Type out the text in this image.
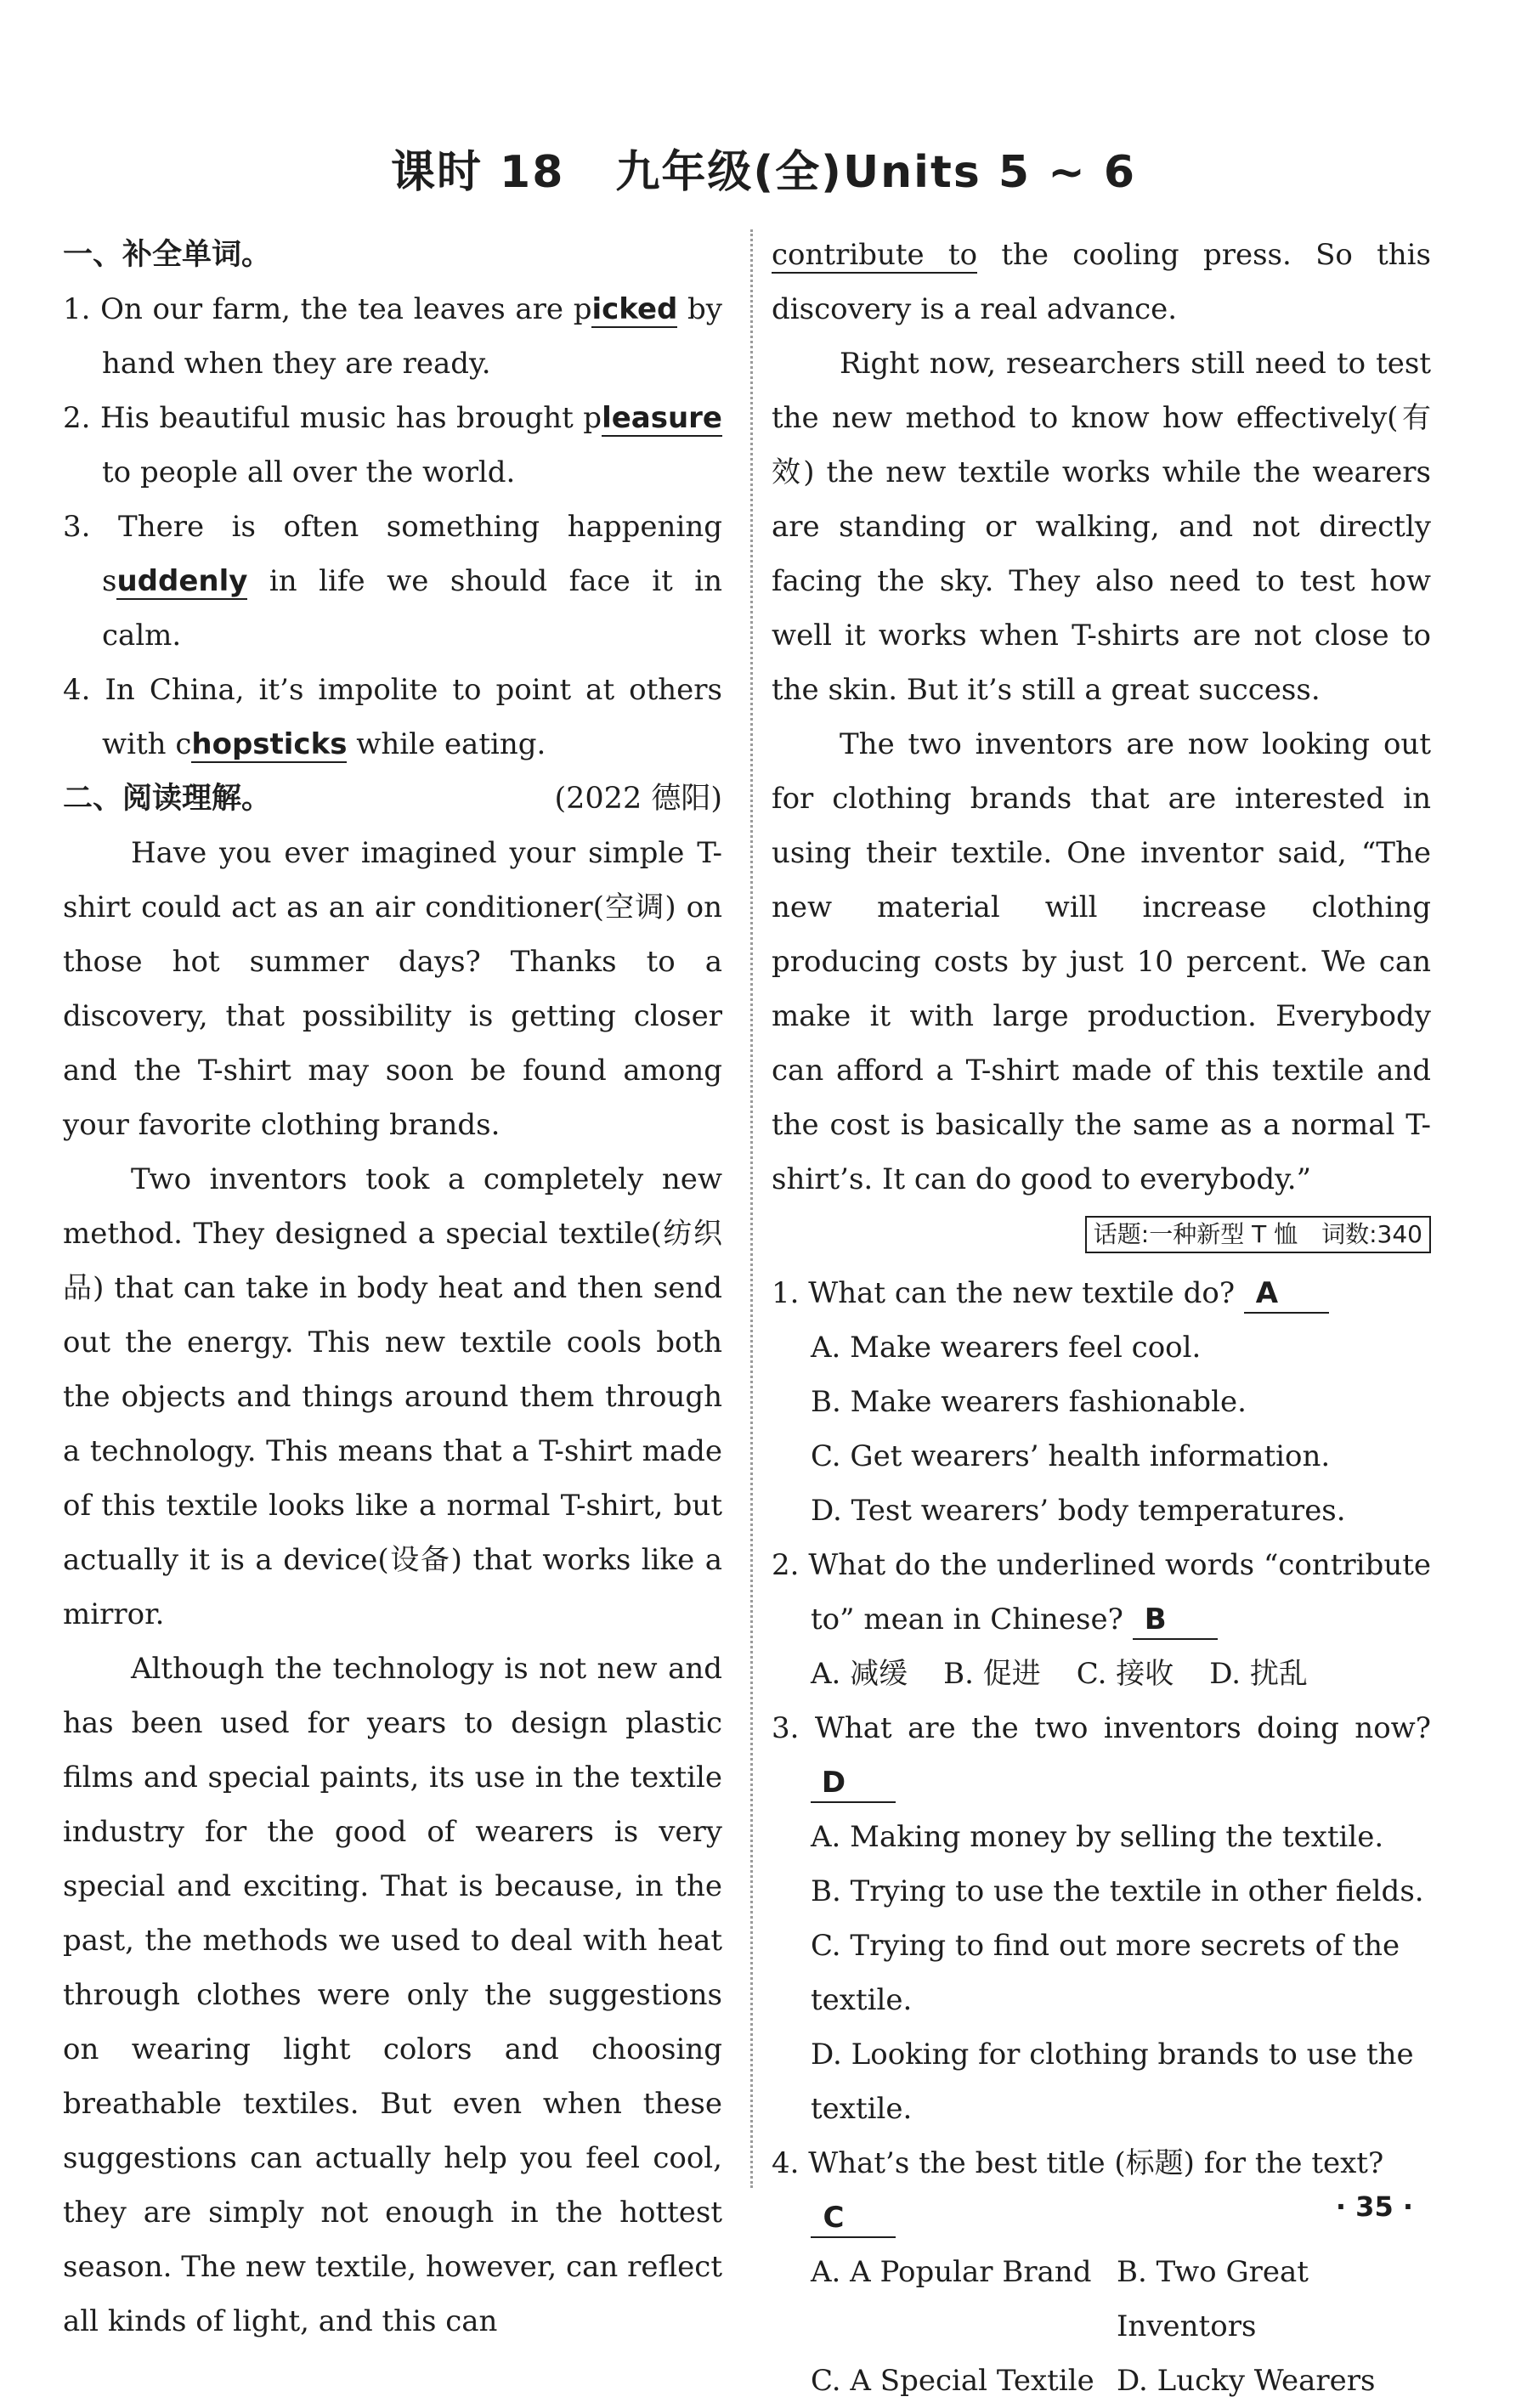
课时 18 九年级(全)Units 5 ~ 6
一、补全单词。
1. On our farm, the tea leaves are picked by hand when they are ready.
2. His beautiful music has brought pleasure to people all over the world.
3. There is often something happening suddenly in life we should face it in calm.
4. In China, it’s impolite to point at others with chopsticks while eating.
二、阅读理解。	(2022 德阳)
Have you ever imagined your simple T-shirt could act as an air conditioner(空调) on those hot summer days? Thanks to a discovery, that possibility is getting closer and the T-shirt may soon be found among your favorite clothing brands.
Two inventors took a completely new method. They designed a special textile(纺织品) that can take in body heat and then send out the energy. This new textile cools both the objects and things around them through a technology. This means that a T-shirt made of this textile looks like a normal T-shirt, but actually it is a device(设备) that works like a mirror.
Although the technology is not new and has been used for years to design plastic films and special paints, its use in the textile industry for the good of wearers is very special and exciting. That is because, in the past, the methods we used to deal with heat through clothes were only the suggestions on wearing light colors and choosing breathable textiles. But even when these suggestions can actually help you feel cool, they are simply not enough in the hottest season. The new textile, however, can reflect all kinds of light, and this can
contribute to the cooling press. So this discovery is a real advance.
Right now, researchers still need to test the new method to know how effectively(有效) the new textile works while the wearers are standing or walking, and not directly facing the sky. They also need to test how well it works when T-shirts are not close to the skin. But it’s still a great success.
The two inventors are now looking out for clothing brands that are interested in using their textile. One inventor said, “The new material will increase clothing producing costs by just 10 percent. We can make it with large production. Everybody can afford a T-shirt made of this textile and the cost is basically the same as a normal T-shirt’s. It can do good to everybody.”
话题:一种新型 T 恤　词数:340
1. What can the new textile do? A
A. Make wearers feel cool.
B. Make wearers fashionable.
C. Get wearers’ health information.
D. Test wearers’ body temperatures.
2. What do the underlined words “contribute to” mean in Chinese? B
A. 减缓 B. 促进 C. 接收 D. 扰乱
3. What are the two inventors doing now? D
A. Making money by selling the textile.
B. Trying to use the textile in other fields.
C. Trying to find out more secrets of the textile.
D. Looking for clothing brands to use the textile.
4. What’s the best title (标题) for the text?
C
A. A Popular Brand B. Two Great Inventors
C. A Special Textile D. Lucky Wearers
· 35 ·
